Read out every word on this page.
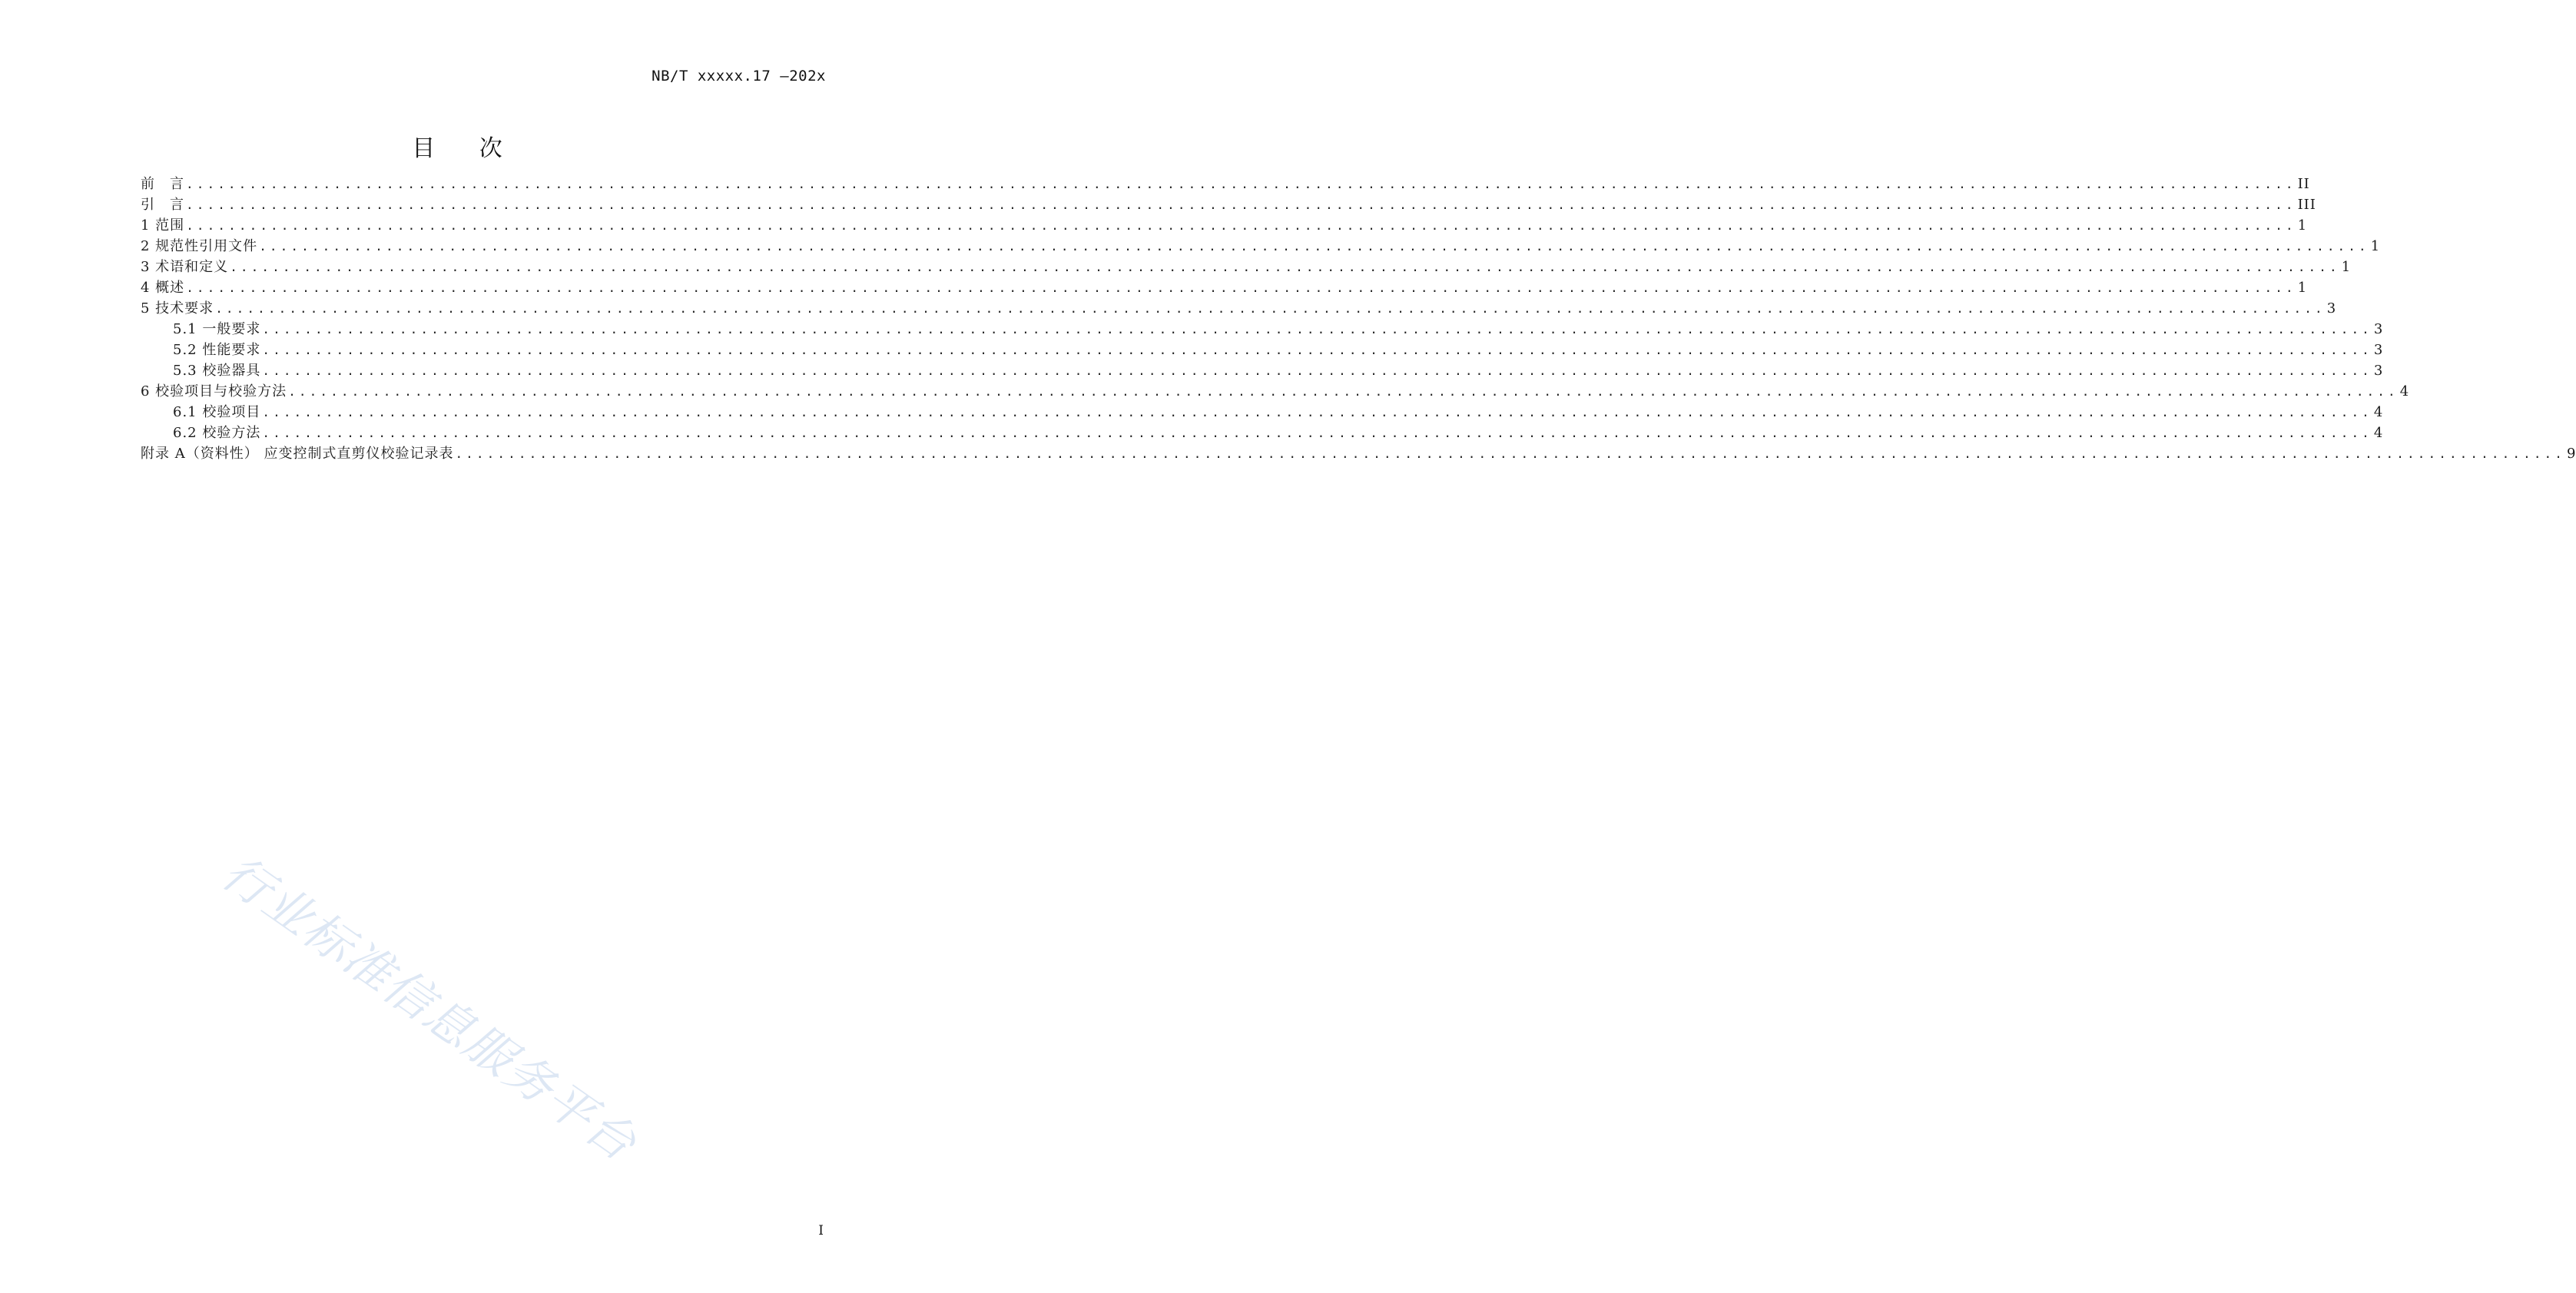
NB/T xxxxx.17 —202x
目 次
前　言 ........................................................................................................................................................................................................ II
引　言 ........................................................................................................................................................................................................ III
1 范围 ........................................................................................................................................................................................................ 1
2 规范性引用文件 ........................................................................................................................................................................................................ 1
3 术语和定义 ........................................................................................................................................................................................................ 1
4 概述 ........................................................................................................................................................................................................ 1
5 技术要求 ........................................................................................................................................................................................................ 3
5.1 一般要求 ........................................................................................................................................................................................................ 3
5.2 性能要求 ........................................................................................................................................................................................................ 3
5.3 校验器具 ........................................................................................................................................................................................................ 3
6 校验项目与校验方法 ........................................................................................................................................................................................................ 4
6.1 校验项目 ........................................................................................................................................................................................................ 4
6.2 校验方法 ........................................................................................................................................................................................................ 4
附录 A（资料性） 应变控制式直剪仪校验记录表 ........................................................................................................................................................................................................ 9
行业标准信息服务平台
I
